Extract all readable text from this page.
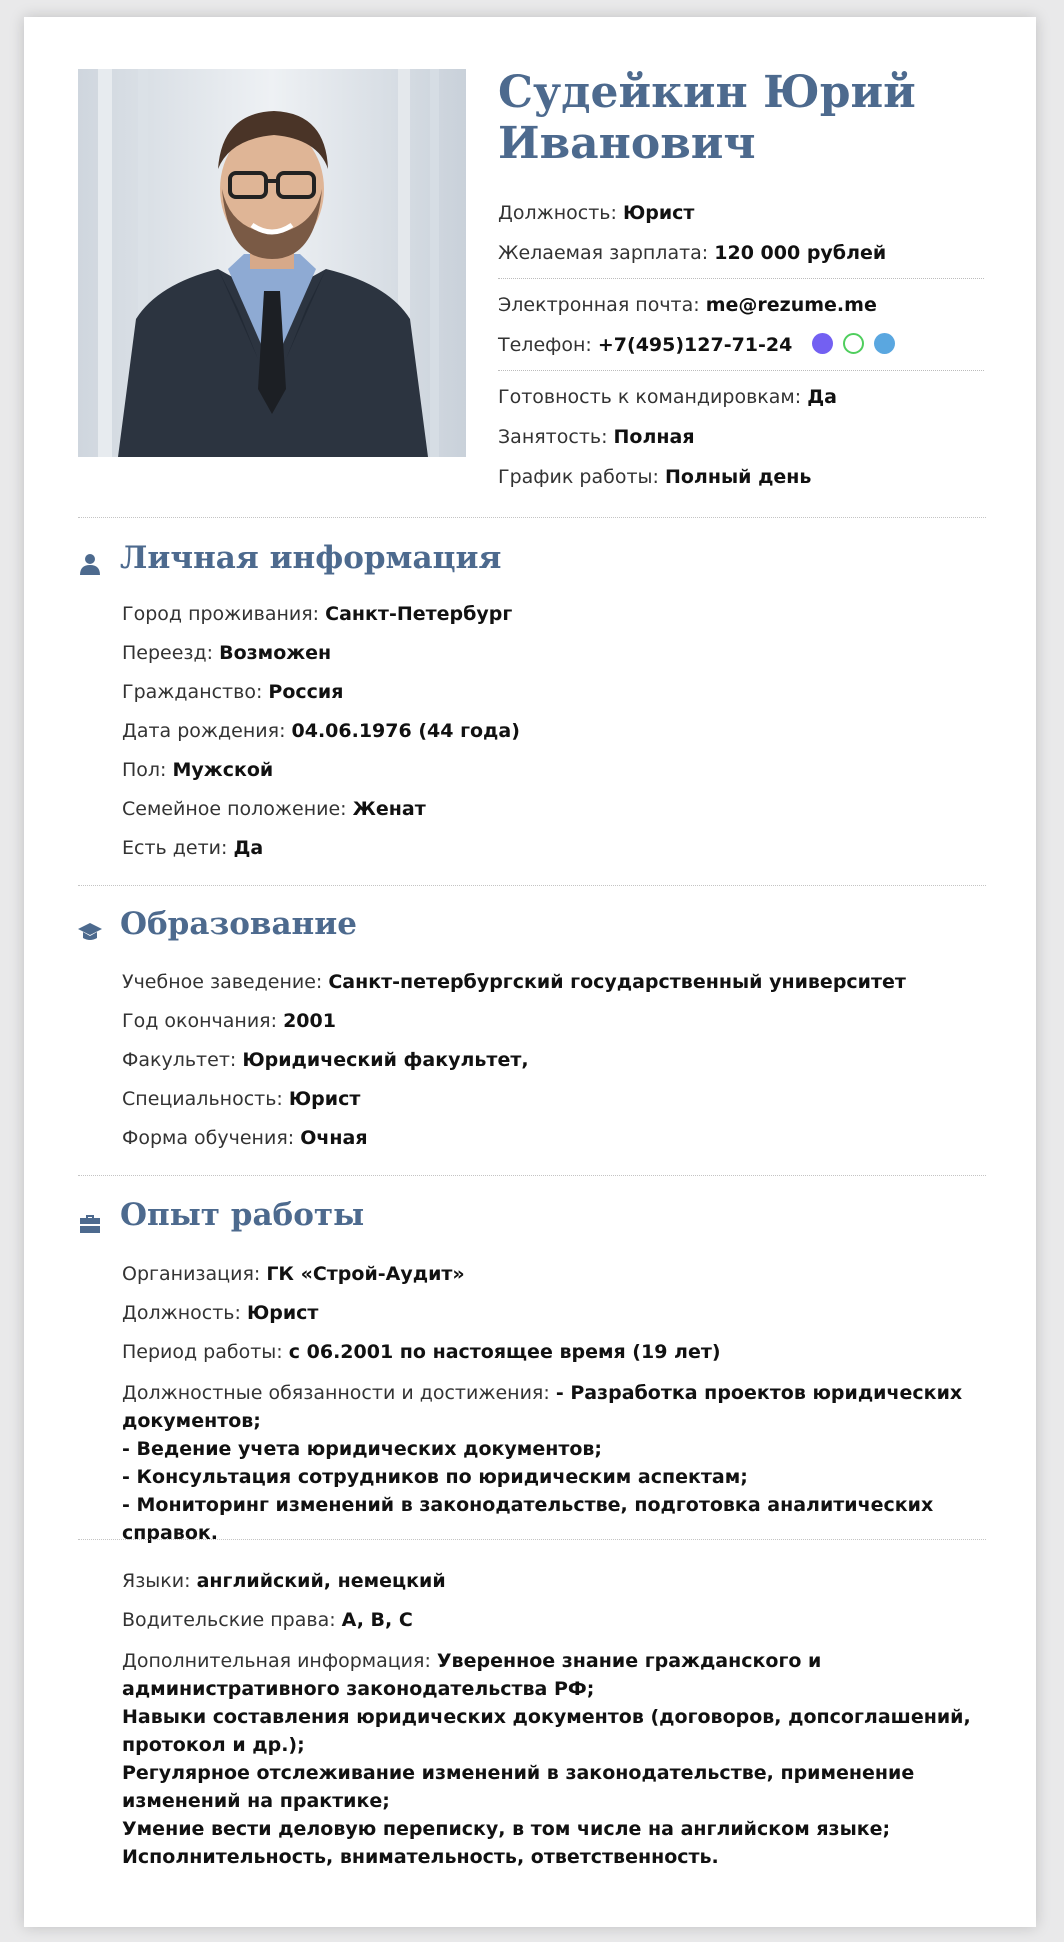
Судейкин Юрий Иванович
Должность: Юрист
Желаемая зарплата: 120 000 рублей
Электронная почта: me@rezume.me
Телефон: +7(495)127-71-24
Готовность к командировкам: Да
Занятость: Полная
График работы: Полный день
Личная информация
Город проживания: Санкт-Петербург
Переезд: Возможен
Гражданство: Россия
Дата рождения: 04.06.1976 (44 года)
Пол: Мужской
Семейное положение: Женат
Есть дети: Да
Образование
Учебное заведение: Санкт-петербургский государственный университет
Год окончания: 2001
Факультет: Юридический факультет,
Специальность: Юрист
Форма обучения: Очная
Опыт работы
Организация: ГК «Строй-Аудит»
Должность: Юрист
Период работы: с 06.2001 по настоящее время (19 лет)
Должностные обязанности и достижения: - Разработка проектов юридических документов;
- Ведение учета юридических документов;
- Консультация сотрудников по юридическим аспектам;
- Мониторинг изменений в законодательстве, подготовка аналитических справок.
Языки: английский, немецкий
Водительские права: A, B, C
Дополнительная информация: Уверенное знание гражданского и административного законодательства РФ;
Навыки составления юридических документов (договоров, допсоглашений, протокол и др.);
Регулярное отслеживание изменений в законодательстве, применение изменений на практике;
Умение вести деловую переписку, в том числе на английском языке;
Исполнительность, внимательность, ответственность.
